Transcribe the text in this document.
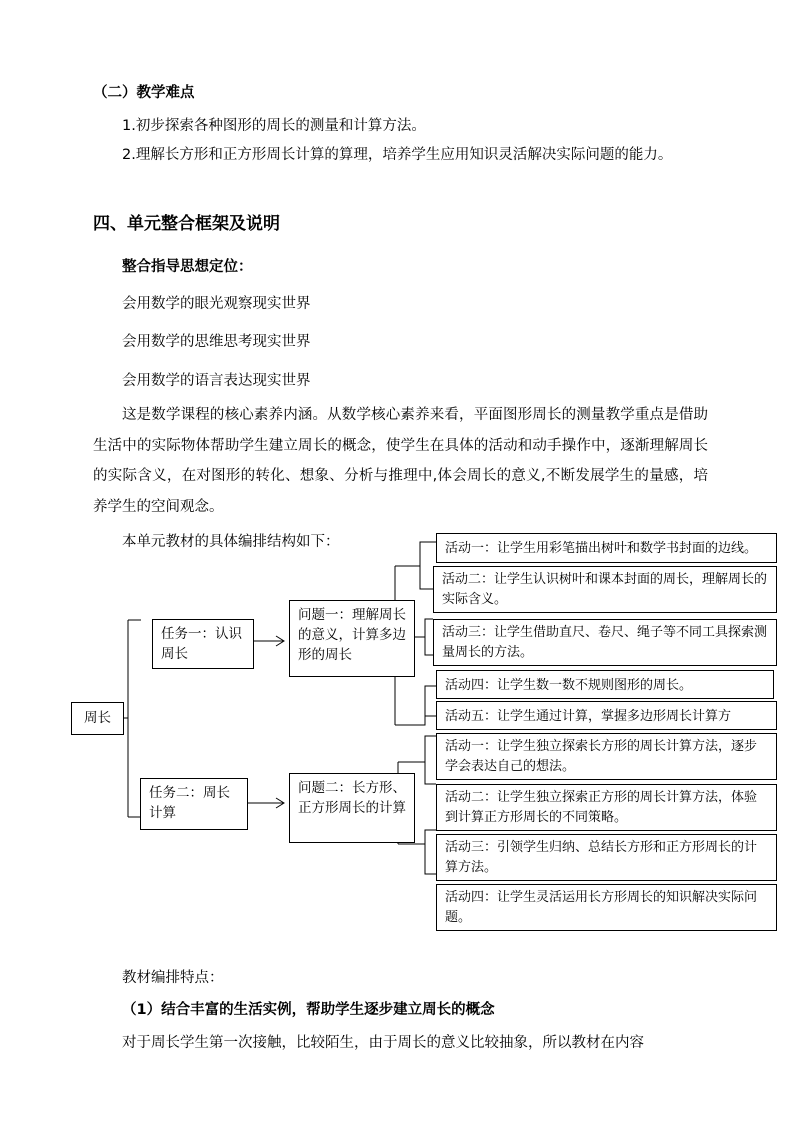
（二）教学难点
1.初步探索各种图形的周长的测量和计算方法。
2.理解长方形和正方形周长计算的算理，培养学生应用知识灵活解决实际问题的能力。
四、单元整合框架及说明
整合指导思想定位：
会用数学的眼光观察现实世界
会用数学的思维思考现实世界
会用数学的语言表达现实世界
这是数学课程的核心素养内涵。从数学核心素养来看，平面图形周长的测量教学重点是借助生活中的实际物体帮助学生建立周长的概念，使学生在具体的活动和动手操作中，逐渐理解周长的实际含义，在对图形的转化、想象、分析与推理中,体会周长的意义,不断发展学生的量感，培养学生的空间观念。
本单元教材的具体编排结构如下：
周长
任务一：认识周长
任务二：周长计算
问题一：理解周长的意义，计算多边形的周长
问题二：长方形、正方形周长的计算
活动一：让学生用彩笔描出树叶和数学书封面的边线。
活动二：让学生认识树叶和课本封面的周长，理解周长的实际含义。
活动三：让学生借助直尺、卷尺、绳子等不同工具探索测量周长的方法。
活动四：让学生数一数不规则图形的周长。
活动五：让学生通过计算，掌握多边形周长计算方
活动一：让学生独立探索长方形的周长计算方法，逐步学会表达自己的想法。
活动二：让学生独立探索正方形的周长计算方法，体验到计算正方形周长的不同策略。
活动三：引领学生归纳、总结长方形和正方形周长的计算方法。
活动四：让学生灵活运用长方形周长的知识解决实际问题。
教材编排特点：
（1）结合丰富的生活实例，帮助学生逐步建立周长的概念
对于周长学生第一次接触，比较陌生，由于周长的意义比较抽象，所以教材在内容
